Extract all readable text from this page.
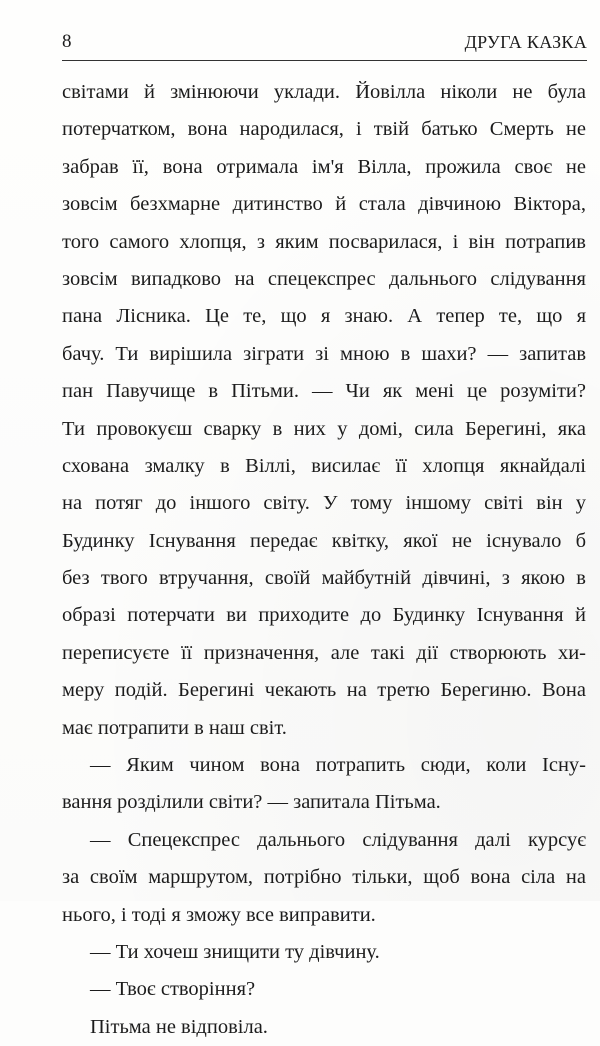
8	ДРУГА КАЗКА
світами й змінюючи уклади. Йовілла ніколи не була
потерчатком, вона народилася, і твій батько Смерть не
забрав її, вона отримала ім'я Вілла, прожила своє не
зовсім безхмарне дитинство й стала дівчиною Віктора,
того самого хлопця, з яким посварилася, і він потрапив
зовсім випадково на спецекспрес дальнього слідування
пана Лісника. Це те, що я знаю. А тепер те, що я
бачу. Ти вирішила зіграти зі мною в шахи? — запитав
пан Павучище в Пітьми. — Чи як мені це розуміти?
Ти провокуєш сварку в них у домі, сила Берегині, яка
схована змалку в Віллі, висилає її хлопця якнайдалі
на потяг до іншого світу. У тому іншому світі він у
Будинку Існування передає квітку, якої не існувало б
без твого втручання, своїй майбутній дівчині, з якою в
образі потерчати ви приходите до Будинку Існування й
переписуєте її призначення, але такі дії створюють хи-
меру подій. Берегині чекають на третю Берегиню. Вона
має потрапити в наш світ.
— Яким чином вона потрапить сюди, коли Існу-
вання розділили світи? — запитала Пітьма.
— Спецекспрес дальнього слідування далі курсує
за своїм маршрутом, потрібно тільки, щоб вона сіла на
нього, і тоді я зможу все виправити.
— Ти хочеш знищити ту дівчину.
— Твоє створіння?
Пітьма не відповіла.
